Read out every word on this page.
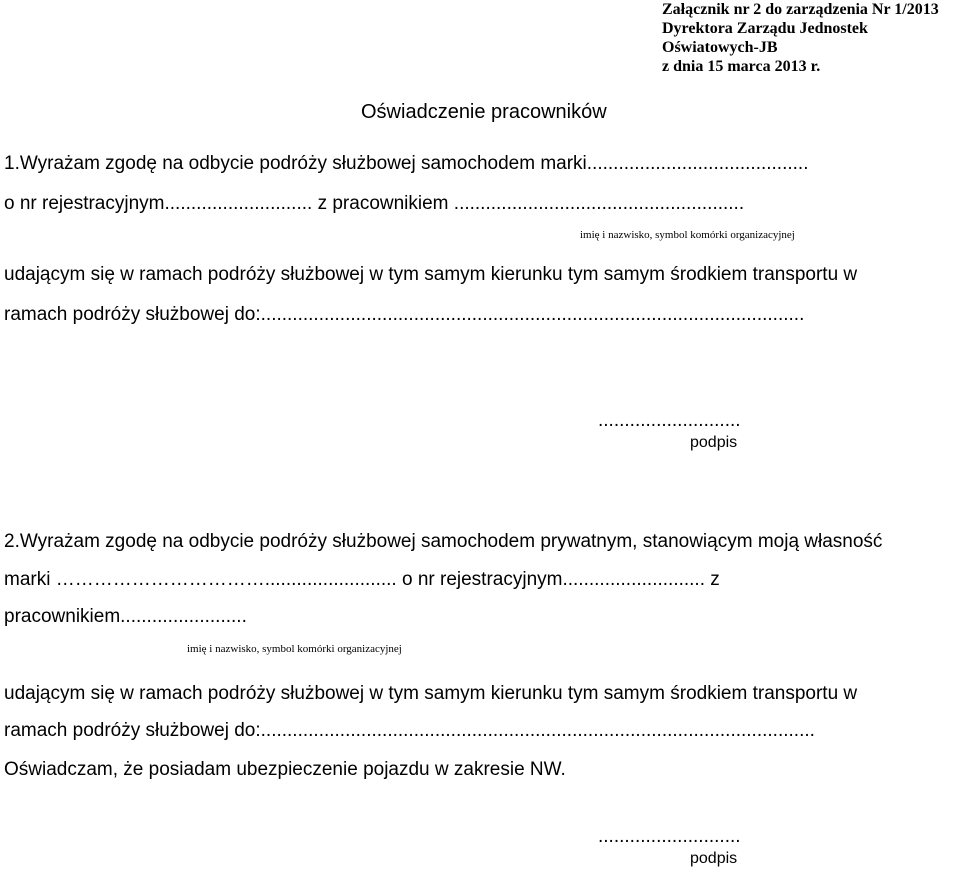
Załącznik nr 2 do zarządzenia Nr 1/2013
Dyrektora Zarządu Jednostek
Oświatowych-JB
z dnia 15 marca 2013 r.
Oświadczenie pracowników
1.Wyrażam zgodę na odbycie podróży służbowej samochodem marki..........................................
o nr rejestracyjnym............................ z pracownikiem .......................................................
imię i nazwisko, symbol komórki organizacyjnej
udającym się w ramach podróży służbowej w tym samym kierunku tym samym środkiem transportu w
ramach podróży służbowej do:.......................................................................................................
...........................
podpis
2.Wyrażam zgodę na odbycie podróży służbowej samochodem prywatnym, stanowiącym moją własność
marki ……………………………......................... o nr rejestracyjnym........................... z
pracownikiem........................
imię i nazwisko, symbol komórki organizacyjnej
udającym się w ramach podróży służbowej w tym samym kierunku tym samym środkiem transportu w
ramach podróży służbowej do:.........................................................................................................
Oświadczam, że posiadam ubezpieczenie pojazdu w zakresie NW.
...........................
podpis
